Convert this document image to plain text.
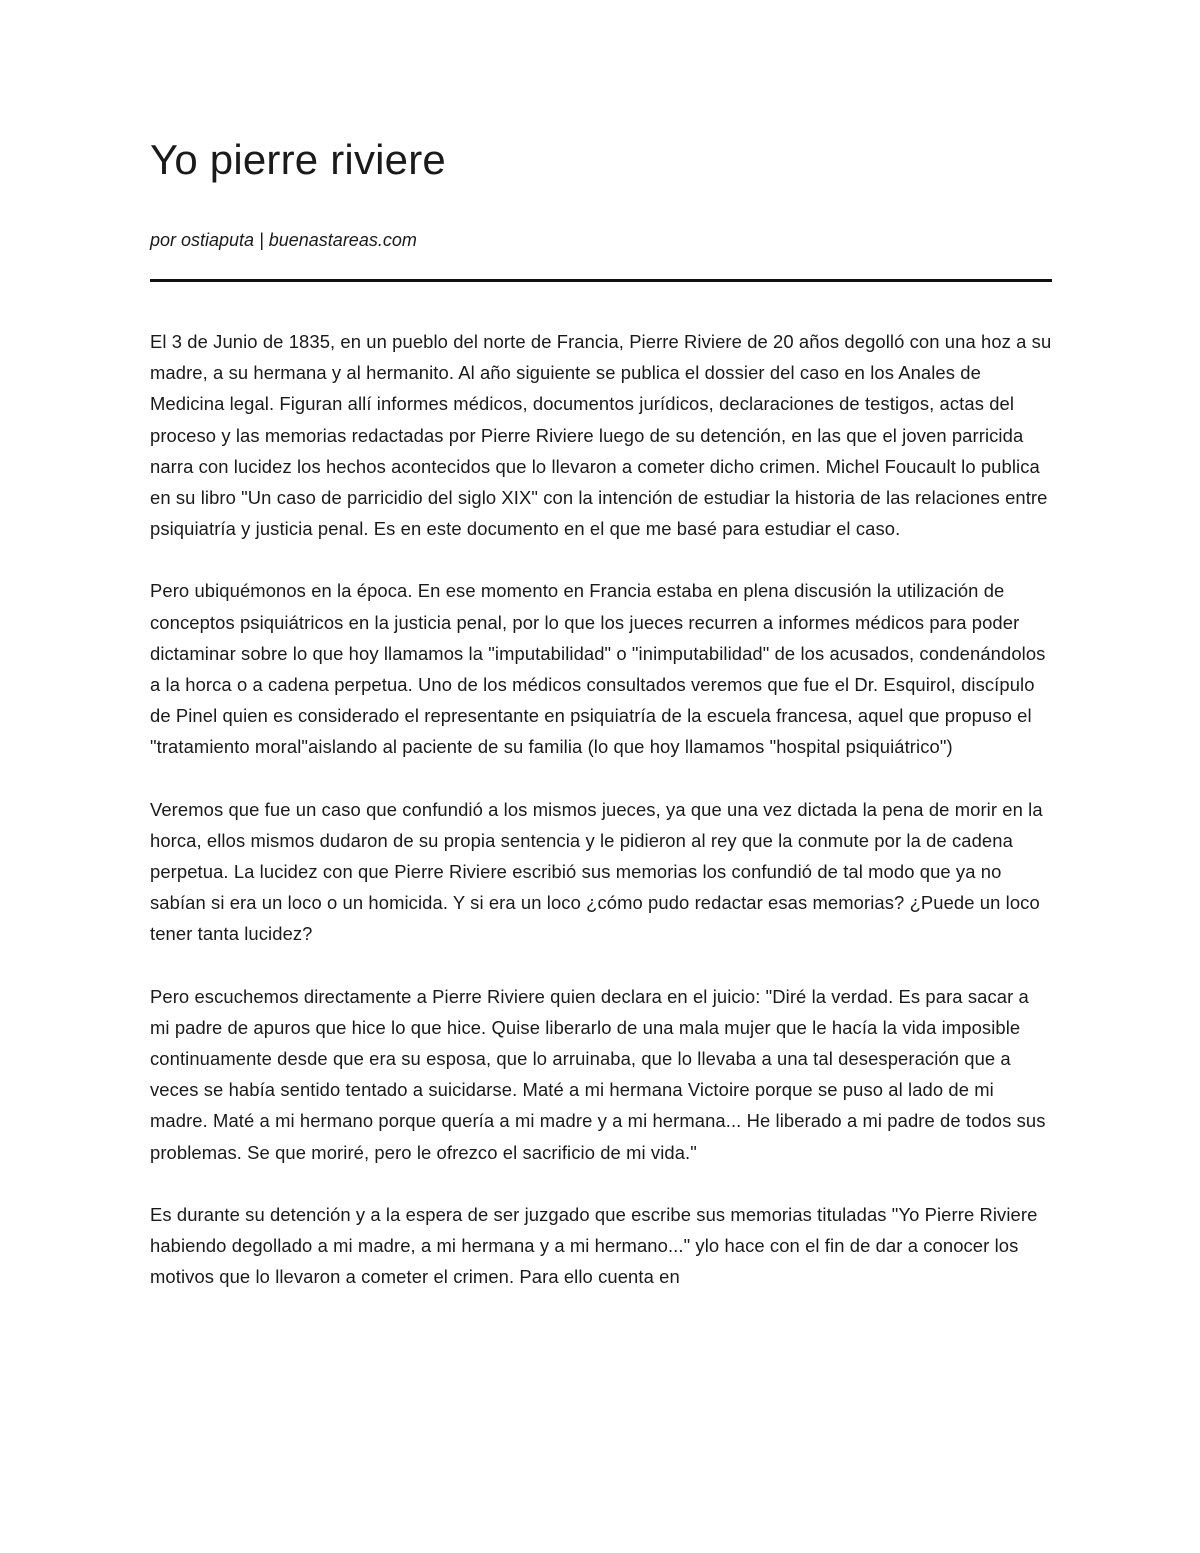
Yo pierre riviere

por ostiaputa | buenastareas.com

El 3 de Junio de 1835, en un pueblo del norte de Francia, Pierre Riviere de 20 años degolló con una hoz a su madre, a su hermana y al hermanito. Al año siguiente se publica el dossier del caso en los Anales de Medicina legal. Figuran allí informes médicos, documentos jurídicos, declaraciones de testigos, actas del proceso y las memorias redactadas por Pierre Riviere luego de su detención, en las que el joven parricida narra con lucidez los hechos acontecidos que lo llevaron a cometer dicho crimen. Michel Foucault lo publica en su libro "Un caso de parricidio del siglo XIX" con la intención de estudiar la historia de las relaciones entre psiquiatría y justicia penal. Es en este documento en el que me basé para estudiar el caso.

Pero ubiquémonos en la época. En ese momento en Francia estaba en plena discusión la utilización de conceptos psiquiátricos en la justicia penal, por lo que los jueces recurren a informes médicos para poder dictaminar sobre lo que hoy llamamos la "imputabilidad" o "inimputabilidad" de los acusados, condenándolos a la horca o a cadena perpetua. Uno de los médicos consultados veremos que fue el Dr. Esquirol, discípulo de Pinel quien es considerado el representante en psiquiatría de la escuela francesa, aquel que propuso el "tratamiento moral"aislando al paciente de su familia (lo que hoy llamamos "hospital psiquiátrico")

Veremos que fue un caso que confundió a los mismos jueces, ya que una vez dictada la pena de morir en la horca, ellos mismos dudaron de su propia sentencia y le pidieron al rey que la conmute por la de cadena perpetua. La lucidez con que Pierre Riviere escribió sus memorias los confundió de tal modo que ya no sabían si era un loco o un homicida. Y si era un loco ¿cómo pudo redactar esas memorias? ¿Puede un loco tener tanta lucidez?

Pero escuchemos directamente a Pierre Riviere quien declara en el juicio: "Diré la verdad. Es para sacar a mi padre de apuros que hice lo que hice. Quise liberarlo de una mala mujer que le hacía la vida imposible continuamente desde que era su esposa, que lo arruinaba, que lo llevaba a una tal desesperación que a veces se había sentido tentado a suicidarse. Maté a mi hermana Victoire porque se puso al lado de mi madre. Maté a mi hermano porque quería a mi madre y a mi hermana... He liberado a mi padre de todos sus problemas. Se que moriré, pero le ofrezco el sacrificio de mi vida."

Es durante su detención y a la espera de ser juzgado que escribe sus memorias tituladas "Yo Pierre Riviere habiendo degollado a mi madre, a mi hermana y a mi hermano..." ylo hace con el fin de dar a conocer los motivos que lo llevaron a cometer el crimen. Para ello cuenta en
